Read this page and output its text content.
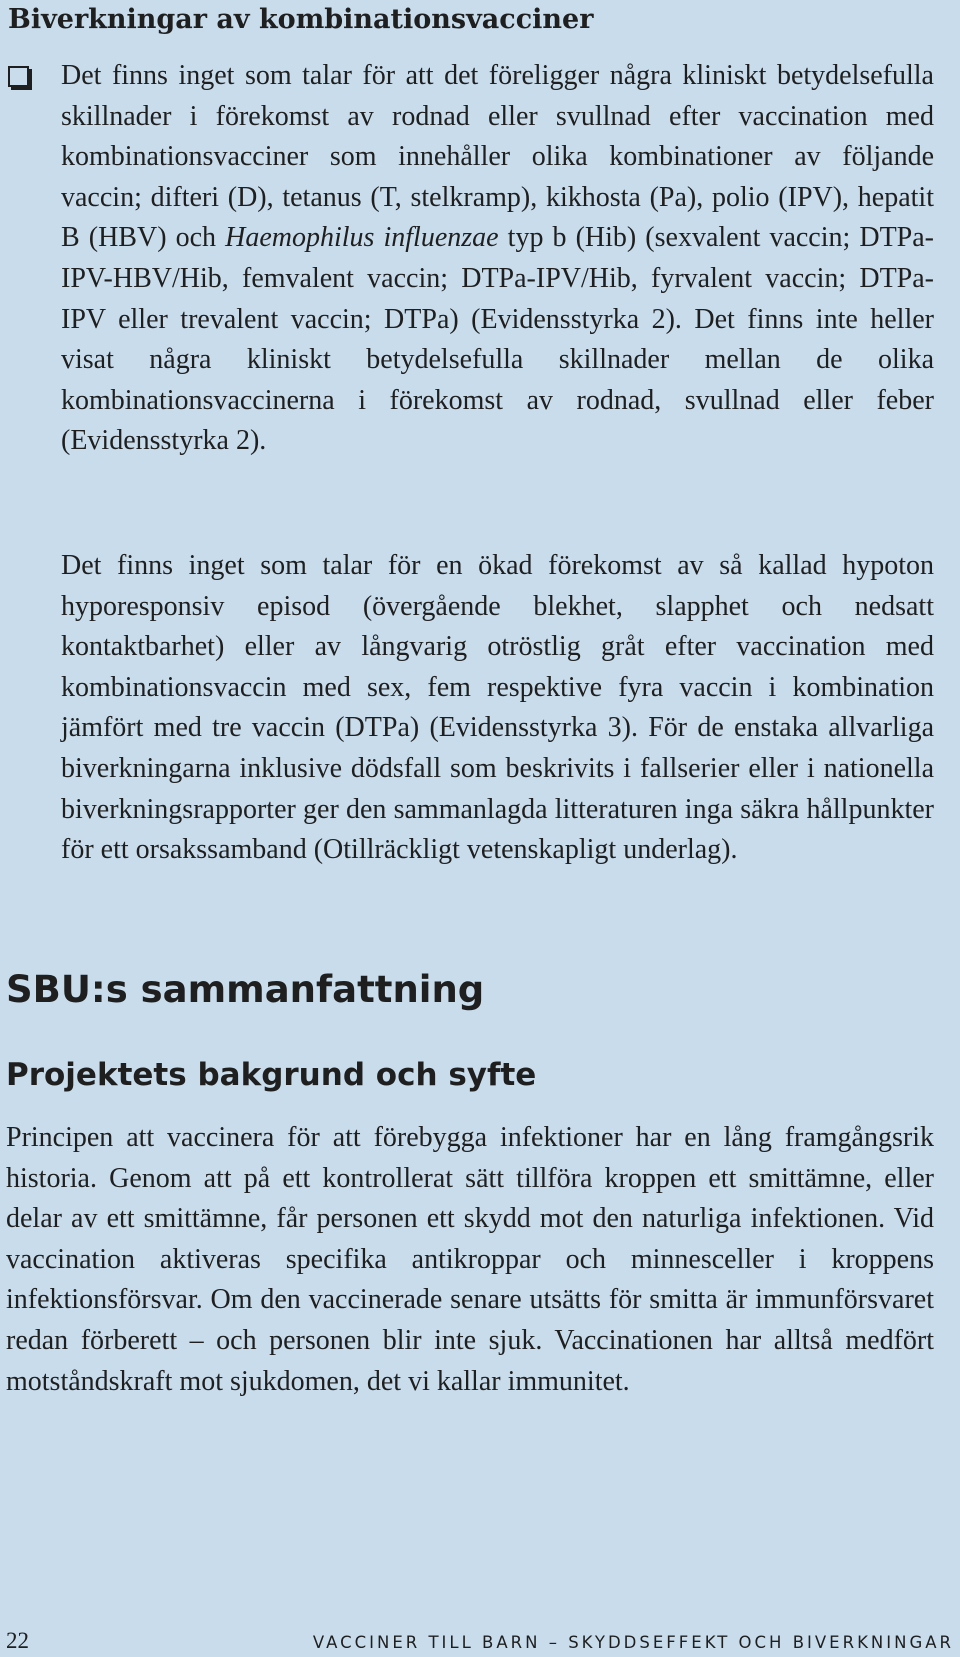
Biverkningar av kombinationsvacciner
Det finns inget som talar för att det föreligger några kliniskt betydelsefulla skillnader i förekomst av rodnad eller svullnad efter vaccination med kombinationsvacciner som innehåller olika kombinationer av följande vaccin; difteri (D), tetanus (T, stelkramp), kikhosta (Pa), polio (IPV), hepatit B (HBV) och Haemophilus influenzae typ b (Hib) (sexvalent vaccin; DTPa-IPV-HBV/Hib, femvalent vaccin; DTPa-IPV/Hib, fyrvalent vaccin; DTPa-IPV eller trevalent vaccin; DTPa) (Evidensstyrka 2). Det finns inte heller visat några kliniskt betydelsefulla skillnader mellan de olika kombinationsvaccinerna i förekomst av rodnad, svullnad eller feber (Evidensstyrka 2).
Det finns inget som talar för en ökad förekomst av så kallad hypoton hyporesponsiv episod (övergående blekhet, slapphet och nedsatt kontaktbarhet) eller av långvarig otröstlig gråt efter vaccination med kombinationsvaccin med sex, fem respektive fyra vaccin i kombination jämfört med tre vaccin (DTPa) (Evidensstyrka 3). För de enstaka allvarliga biverkningarna inklusive dödsfall som beskrivits i fallserier eller i nationella biverkningsrapporter ger den sammanlagda litteraturen inga säkra hållpunkter för ett orsakssamband (Otillräckligt vetenskapligt underlag).
SBU:s sammanfattning
Projektets bakgrund och syfte
Principen att vaccinera för att förebygga infektioner har en lång framgångsrik historia. Genom att på ett kontrollerat sätt tillföra kroppen ett smittämne, eller delar av ett smittämne, får personen ett skydd mot den naturliga infektionen. Vid vaccination aktiveras specifika antikroppar och minnesceller i kroppens infektionsförsvar. Om den vaccinerade senare utsätts för smitta är immunförsvaret redan förberett – och personen blir inte sjuk. Vaccinationen har alltså medfört motståndskraft mot sjukdomen, det vi kallar immunitet.
22	VACCINER TILL BARN – SKYDDSEFFEKT OCH BIVERKNINGAR
